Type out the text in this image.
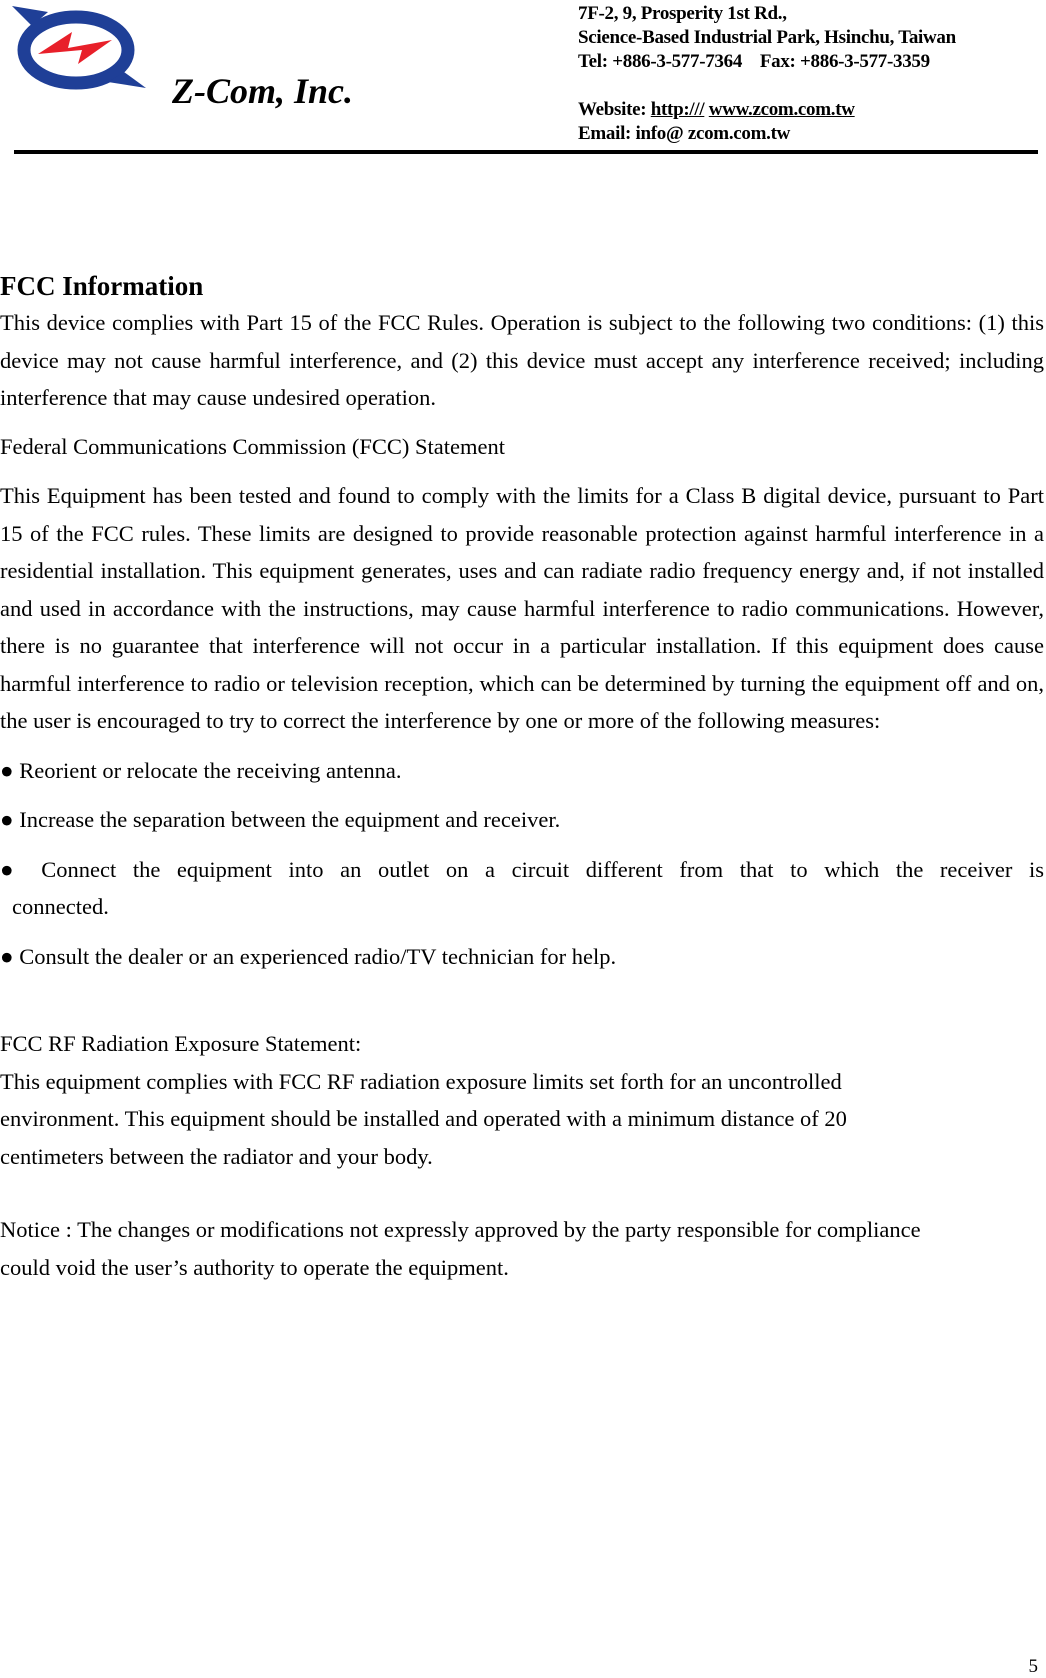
Z-Com, Inc.
7F-2, 9, Prosperity 1st Rd.,
Science-Based Industrial Park, Hsinchu, Taiwan
Tel: +886-3-577-7364 Fax: +886-3-577-3359
Website: http:/// www.zcom.com.tw
Email: info@ zcom.com.tw
FCC Information

This device complies with Part 15 of the FCC Rules. Operation is subject to the following two conditions: (1) this device may not cause harmful interference, and (2) this device must accept any interference received; including interference that may cause undesired operation.

Federal Communications Commission (FCC) Statement

This Equipment has been tested and found to comply with the limits for a Class B digital device, pursuant to Part 15 of the FCC rules. These limits are designed to provide reasonable protection against harmful interference in a residential installation. This equipment generates, uses and can radiate radio frequency energy and, if not installed and used in accordance with the instructions, may cause harmful interference to radio communications. However, there is no guarantee that interference will not occur in a particular installation. If this equipment does cause harmful interference to radio or television reception, which can be determined by turning the equipment off and on, the user is encouraged to try to correct the interference by one or more of the following measures:

● Reorient or relocate the receiving antenna.

● Increase the separation between the equipment and receiver.

● Connect the equipment into an outlet on a circuit different from that to which the receiver is

connected.

● Consult the dealer or an experienced radio/TV technician for help.

FCC RF Radiation Exposure Statement:

This equipment complies with FCC RF radiation exposure limits set forth for an uncontrolled

environment. This equipment should be installed and operated with a minimum distance of 20

centimeters between the radiator and your body.

Notice : The changes or modifications not expressly approved by the party responsible for compliance

could void the user’s authority to operate the equipment.

5
